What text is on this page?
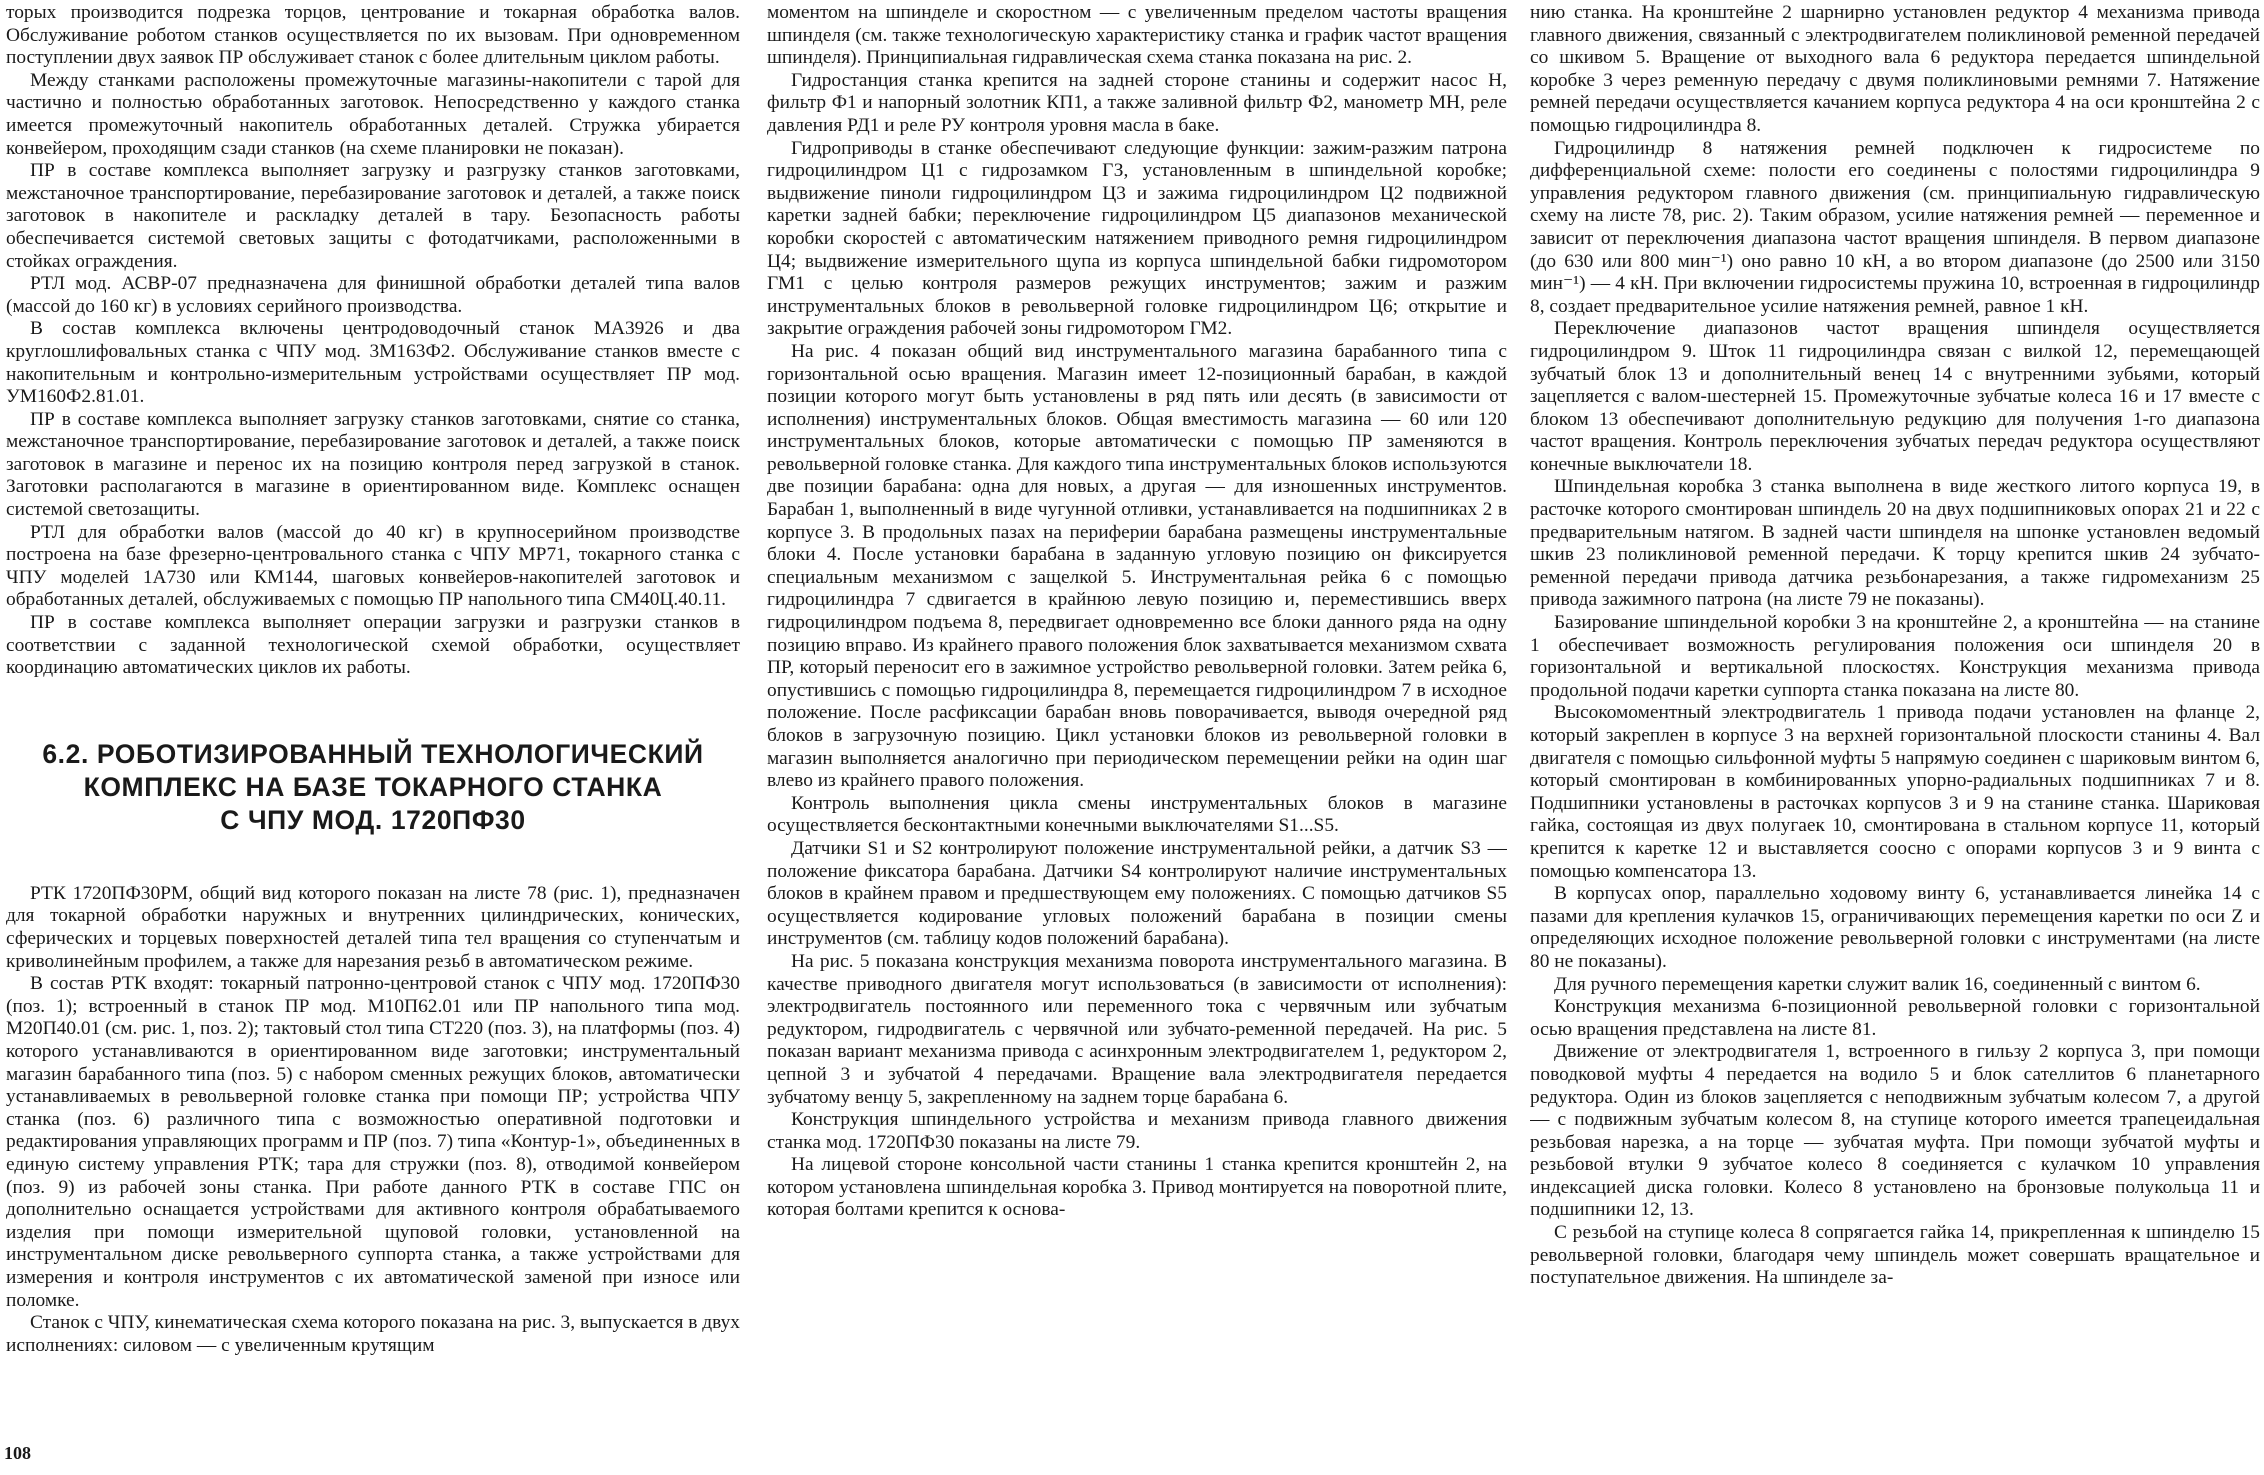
торых производится подрезка торцов, центрование и токарная обработка валов. Обслуживание роботом станков осуществляется по их вызовам. При одновременном поступлении двух заявок ПР обслуживает станок с более длительным циклом работы.

Между станками расположены промежуточные магазины-накопители с тарой для частично и полностью обработанных заготовок. Непосредственно у каждого станка имеется промежуточный накопитель обработанных деталей. Стружка убирается конвейером, проходящим сзади станков (на схеме планировки не показан).

ПР в составе комплекса выполняет загрузку и разгрузку станков заготовками, межстаночное транспортирование, перебазирование заготовок и деталей, а также поиск заготовок в накопителе и раскладку деталей в тару. Безопасность работы обеспечивается системой световых защиты с фотодатчиками, расположенными в стойках ограждения.

РТЛ мод. АСВР-07 предназначена для финишной обработки деталей типа валов (массой до 160 кг) в условиях серийного производства.

В состав комплекса включены центродоводочный станок МА3926 и два круглошлифовальных станка с ЧПУ мод. 3М163Ф2. Обслуживание станков вместе с накопительным и контрольно-измерительным устройствами осуществляет ПР мод. УМ160Ф2.81.01.

ПР в составе комплекса выполняет загрузку станков заготовками, снятие со станка, межстаночное транспортирование, перебазирование заготовок и деталей, а также поиск заготовок в магазине и перенос их на позицию контроля перед загрузкой в станок. Заготовки располагаются в магазине в ориентированном виде. Комплекс оснащен системой светозащиты.

РТЛ для обработки валов (массой до 40 кг) в крупносерийном производстве построена на базе фрезерно-центровального станка с ЧПУ МР71, токарного станка с ЧПУ моделей 1А730 или КМ144, шаговых конвейеров-накопителей заготовок и обработанных деталей, обслуживаемых с помощью ПР напольного типа СМ40Ц.40.11.

ПР в составе комплекса выполняет операции загрузки и разгрузки станков в соответствии с заданной технологической схемой обработки, осуществляет координацию автоматических циклов их работы.

6.2. РОБОТИЗИРОВАННЫЙ ТЕХНОЛОГИЧЕСКИЙ
КОМПЛЕКС НА БАЗЕ ТОКАРНОГО СТАНКА
С ЧПУ МОД. 1720ПФ30

РТК 1720ПФ30РМ, общий вид которого показан на листе 78 (рис. 1), предназначен для токарной обработки наружных и внутренних цилиндрических, конических, сферических и торцевых поверхностей деталей типа тел вращения со ступенчатым и криволинейным профилем, а также для нарезания резьб в автоматическом режиме.

В состав РТК входят: токарный патронно-центровой станок с ЧПУ мод. 1720ПФ30 (поз. 1); встроенный в станок ПР мод. М10П62.01 или ПР напольного типа мод. М20П40.01 (см. рис. 1, поз. 2); тактовый стол типа СТ220 (поз. 3), на платформы (поз. 4) которого устанавливаются в ориентированном виде заготовки; инструментальный магазин барабанного типа (поз. 5) с набором сменных режущих блоков, автоматически устанавливаемых в револьверной головке станка при помощи ПР; устройства ЧПУ станка (поз. 6) различного типа с возможностью оперативной подготовки и редактирования управляющих программ и ПР (поз. 7) типа «Контур-1», объединенных в единую систему управления РТК; тара для стружки (поз. 8), отводимой конвейером (поз. 9) из рабочей зоны станка. При работе данного РТК в составе ГПС он дополнительно оснащается устройствами для активного контроля обрабатываемого изделия при помощи измерительной щуповой головки, установленной на инструментальном диске револьверного суппорта станка, а также устройствами для измерения и контроля инструментов с их автоматической заменой при износе или поломке.

Станок с ЧПУ, кинематическая схема которого показана на рис. 3, выпускается в двух исполнениях: силовом — с увеличенным крутящим

моментом на шпинделе и скоростном — с увеличенным пределом частоты вращения шпинделя (см. также технологическую характеристику станка и график частот вращения шпинделя). Принципиальная гидравлическая схема станка показана на рис. 2.

Гидростанция станка крепится на задней стороне станины и содержит насос Н, фильтр Ф1 и напорный золотник КП1, а также заливной фильтр Ф2, манометр МН, реле давления РД1 и реле РУ контроля уровня масла в баке.

Гидроприводы в станке обеспечивают следующие функции: зажим-разжим патрона гидроцилиндром Ц1 с гидрозамком ГЗ, установленным в шпиндельной коробке; выдвижение пиноли гидроцилиндром Ц3 и зажима гидроцилиндром Ц2 подвижной каретки задней бабки; переключение гидроцилиндром Ц5 диапазонов механической коробки скоростей с автоматическим натяжением приводного ремня гидроцилиндром Ц4; выдвижение измерительного щупа из корпуса шпиндельной бабки гидромотором ГМ1 с целью контроля размеров режущих инструментов; зажим и разжим инструментальных блоков в револьверной головке гидроцилиндром Ц6; открытие и закрытие ограждения рабочей зоны гидромотором ГМ2.

На рис. 4 показан общий вид инструментального магазина барабанного типа с горизонтальной осью вращения. Магазин имеет 12-позиционный барабан, в каждой позиции которого могут быть установлены в ряд пять или десять (в зависимости от исполнения) инструментальных блоков. Общая вместимость магазина — 60 или 120 инструментальных блоков, которые автоматически с помощью ПР заменяются в револьверной головке станка. Для каждого типа инструментальных блоков используются две позиции барабана: одна для новых, а другая — для изношенных инструментов. Барабан 1, выполненный в виде чугунной отливки, устанавливается на подшипниках 2 в корпусе 3. В продольных пазах на периферии барабана размещены инструментальные блоки 4. После установки барабана в заданную угловую позицию он фиксируется специальным механизмом с защелкой 5. Инструментальная рейка 6 с помощью гидроцилиндра 7 сдвигается в крайнюю левую позицию и, переместившись вверх гидроцилиндром подъема 8, передвигает одновременно все блоки данного ряда на одну позицию вправо. Из крайнего правого положения блок захватывается механизмом схвата ПР, который переносит его в зажимное устройство револьверной головки. Затем рейка 6, опустившись с помощью гидроцилиндра 8, перемещается гидроцилиндром 7 в исходное положение. После расфиксации барабан вновь поворачивается, выводя очередной ряд блоков в загрузочную позицию. Цикл установки блоков из револьверной головки в магазин выполняется аналогично при периодическом перемещении рейки на один шаг влево из крайнего правого положения.

Контроль выполнения цикла смены инструментальных блоков в магазине осуществляется бесконтактными конечными выключателями S1...S5.

Датчики S1 и S2 контролируют положение инструментальной рейки, а датчик S3 — положение фиксатора барабана. Датчики S4 контролируют наличие инструментальных блоков в крайнем правом и предшествующем ему положениях. С помощью датчиков S5 осуществляется кодирование угловых положений барабана в позиции смены инструментов (см. таблицу кодов положений барабана).

На рис. 5 показана конструкция механизма поворота инструментального магазина. В качестве приводного двигателя могут использоваться (в зависимости от исполнения): электродвигатель постоянного или переменного тока с червячным или зубчатым редуктором, гидродвигатель с червячной или зубчато-ременной передачей. На рис. 5 показан вариант механизма привода с асинхронным электродвигателем 1, редуктором 2, цепной 3 и зубчатой 4 передачами. Вращение вала электродвигателя передается зубчатому венцу 5, закрепленному на заднем торце барабана 6.

Конструкция шпиндельного устройства и механизм привода главного движения станка мод. 1720ПФ30 показаны на листе 79.

На лицевой стороне консольной части станины 1 станка крепится кронштейн 2, на котором установлена шпиндельная коробка 3. Привод монтируется на поворотной плите, которая болтами крепится к основа-

нию станка. На кронштейне 2 шарнирно установлен редуктор 4 механизма привода главного движения, связанный с электродвигателем поликлиновой ременной передачей со шкивом 5. Вращение от выходного вала 6 редуктора передается шпиндельной коробке 3 через ременную передачу с двумя поликлиновыми ремнями 7. Натяжение ремней передачи осуществляется качанием корпуса редуктора 4 на оси кронштейна 2 с помощью гидроцилиндра 8.

Гидроцилиндр 8 натяжения ремней подключен к гидросистеме по дифференциальной схеме: полости его соединены с полостями гидроцилиндра 9 управления редуктором главного движения (см. принципиальную гидравлическую схему на листе 78, рис. 2). Таким образом, усилие натяжения ремней — переменное и зависит от переключения диапазона частот вращения шпинделя. В первом диапазоне (до 630 или 800 мин⁻¹) оно равно 10 кН, а во втором диапазоне (до 2500 или 3150 мин⁻¹) — 4 кН. При включении гидросистемы пружина 10, встроенная в гидроцилиндр 8, создает предварительное усилие натяжения ремней, равное 1 кН.

Переключение диапазонов частот вращения шпинделя осуществляется гидроцилиндром 9. Шток 11 гидроцилиндра связан с вилкой 12, перемещающей зубчатый блок 13 и дополнительный венец 14 с внутренними зубьями, который зацепляется с валом-шестерней 15. Промежуточные зубчатые колеса 16 и 17 вместе с блоком 13 обеспечивают дополнительную редукцию для получения 1-го диапазона частот вращения. Контроль переключения зубчатых передач редуктора осуществляют конечные выключатели 18.

Шпиндельная коробка 3 станка выполнена в виде жесткого литого корпуса 19, в расточке которого смонтирован шпиндель 20 на двух подшипниковых опорах 21 и 22 с предварительным натягом. В задней части шпинделя на шпонке установлен ведомый шкив 23 поликлиновой ременной передачи. К торцу крепится шкив 24 зубчато-ременной передачи привода датчика резьбонарезания, а также гидромеханизм 25 привода зажимного патрона (на листе 79 не показаны).

Базирование шпиндельной коробки 3 на кронштейне 2, а кронштейна — на станине 1 обеспечивает возможность регулирования положения оси шпинделя 20 в горизонтальной и вертикальной плоскостях. Конструкция механизма привода продольной подачи каретки суппорта станка показана на листе 80.

Высокомоментный электродвигатель 1 привода подачи установлен на фланце 2, который закреплен в корпусе 3 на верхней горизонтальной плоскости станины 4. Вал двигателя с помощью сильфонной муфты 5 напрямую соединен с шариковым винтом 6, который смонтирован в комбинированных упорно-радиальных подшипниках 7 и 8. Подшипники установлены в расточках корпусов 3 и 9 на станине станка. Шариковая гайка, состоящая из двух полугаек 10, смонтирована в стальном корпусе 11, который крепится к каретке 12 и выставляется соосно с опорами корпусов 3 и 9 винта с помощью компенсатора 13.

В корпусах опор, параллельно ходовому винту 6, устанавливается линейка 14 с пазами для крепления кулачков 15, ограничивающих перемещения каретки по оси Z и определяющих исходное положение револьверной головки с инструментами (на листе 80 не показаны).

Для ручного перемещения каретки служит валик 16, соединенный с винтом 6.

Конструкция механизма 6-позиционной револьверной головки с горизонтальной осью вращения представлена на листе 81.

Движение от электродвигателя 1, встроенного в гильзу 2 корпуса 3, при помощи поводковой муфты 4 передается на водило 5 и блок сателлитов 6 планетарного редуктора. Один из блоков зацепляется с неподвижным зубчатым колесом 7, а другой — с подвижным зубчатым колесом 8, на ступице которого имеется трапецеидальная резьбовая нарезка, а на торце — зубчатая муфта. При помощи зубчатой муфты и резьбовой втулки 9 зубчатое колесо 8 соединяется с кулачком 10 управления индексацией диска головки. Колесо 8 установлено на бронзовые полукольца 11 и подшипники 12, 13.

С резьбой на ступице колеса 8 сопрягается гайка 14, прикрепленная к шпинделю 15 револьверной головки, благодаря чему шпиндель может совершать вращательное и поступательное движения. На шпинделе за-

108
